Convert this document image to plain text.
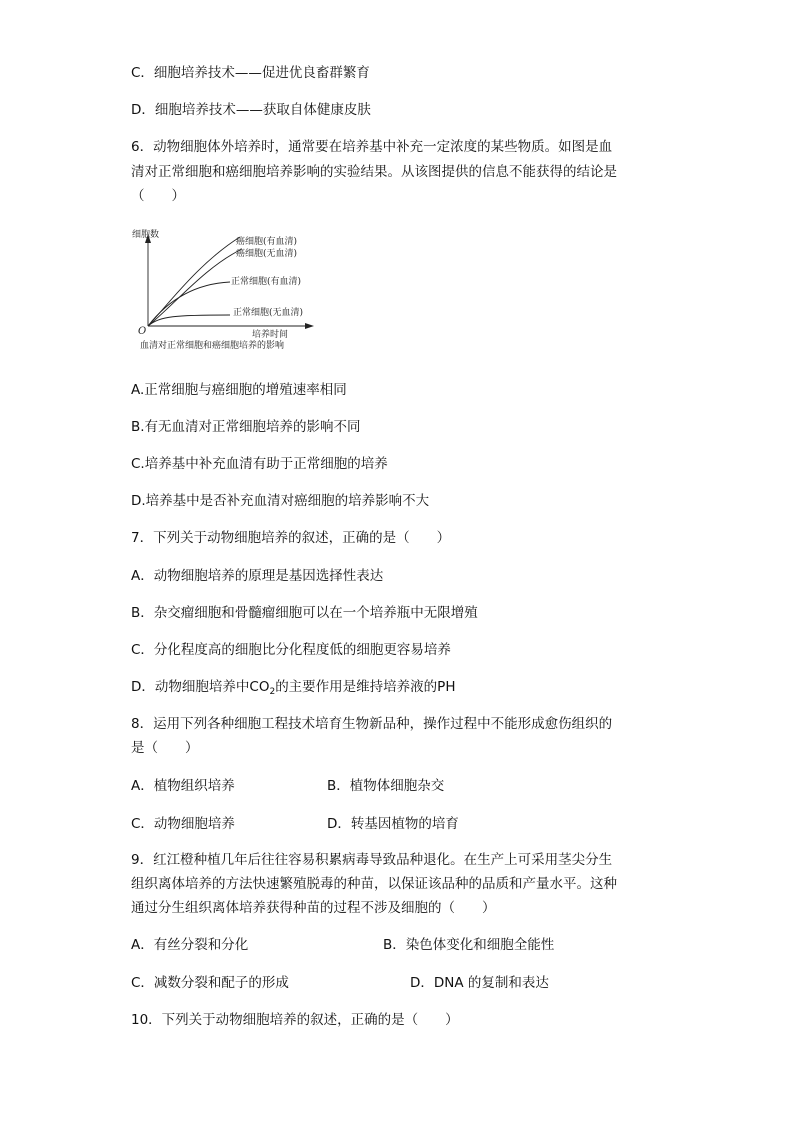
C．细胞培养技术——促进优良畜群繁育
D．细胞培养技术——获取自体健康皮肤
6．动物细胞体外培养时，通常要在培养基中补充一定浓度的某些物质。如图是血
清对正常细胞和癌细胞培养影响的实验结果。从该图提供的信息不能获得的结论是
（　　）
细胞数
O	培养时间
癌细胞(有血清)
癌细胞(无血清)
正常细胞(有血清)
正常细胞(无血清)
血清对正常细胞和癌细胞培养的影响
A.正常细胞与癌细胞的增殖速率相同
B.有无血清对正常细胞培养的影响不同
C.培养基中补充血清有助于正常细胞的培养
D.培养基中是否补充血清对癌细胞的培养影响不大
7．下列关于动物细胞培养的叙述，正确的是（　　）
A．动物细胞培养的原理是基因选择性表达
B．杂交瘤细胞和骨髓瘤细胞可以在一个培养瓶中无限增殖
C．分化程度高的细胞比分化程度低的细胞更容易培养
D．动物细胞培养中$CO_2$的主要作用是维持培养液的PH
8．运用下列各种细胞工程技术培育生物新品种，操作过程中不能形成愈伤组织的
是（　　）
A．植物组织培养	B．植物体细胞杂交
C．动物细胞培养	D．转基因植物的培育
9．红江橙种植几年后往往容易积累病毒导致品种退化。在生产上可采用茎尖分生
组织离体培养的方法快速繁殖脱毒的种苗，以保证该品种的品质和产量水平。这种
通过分生组织离体培养获得种苗的过程不涉及细胞的（　　）
A．有丝分裂和分化	B．染色体变化和细胞全能性
C．减数分裂和配子的形成	D．DNA 的复制和表达
10．下列关于动物细胞培养的叙述，正确的是（　　）
